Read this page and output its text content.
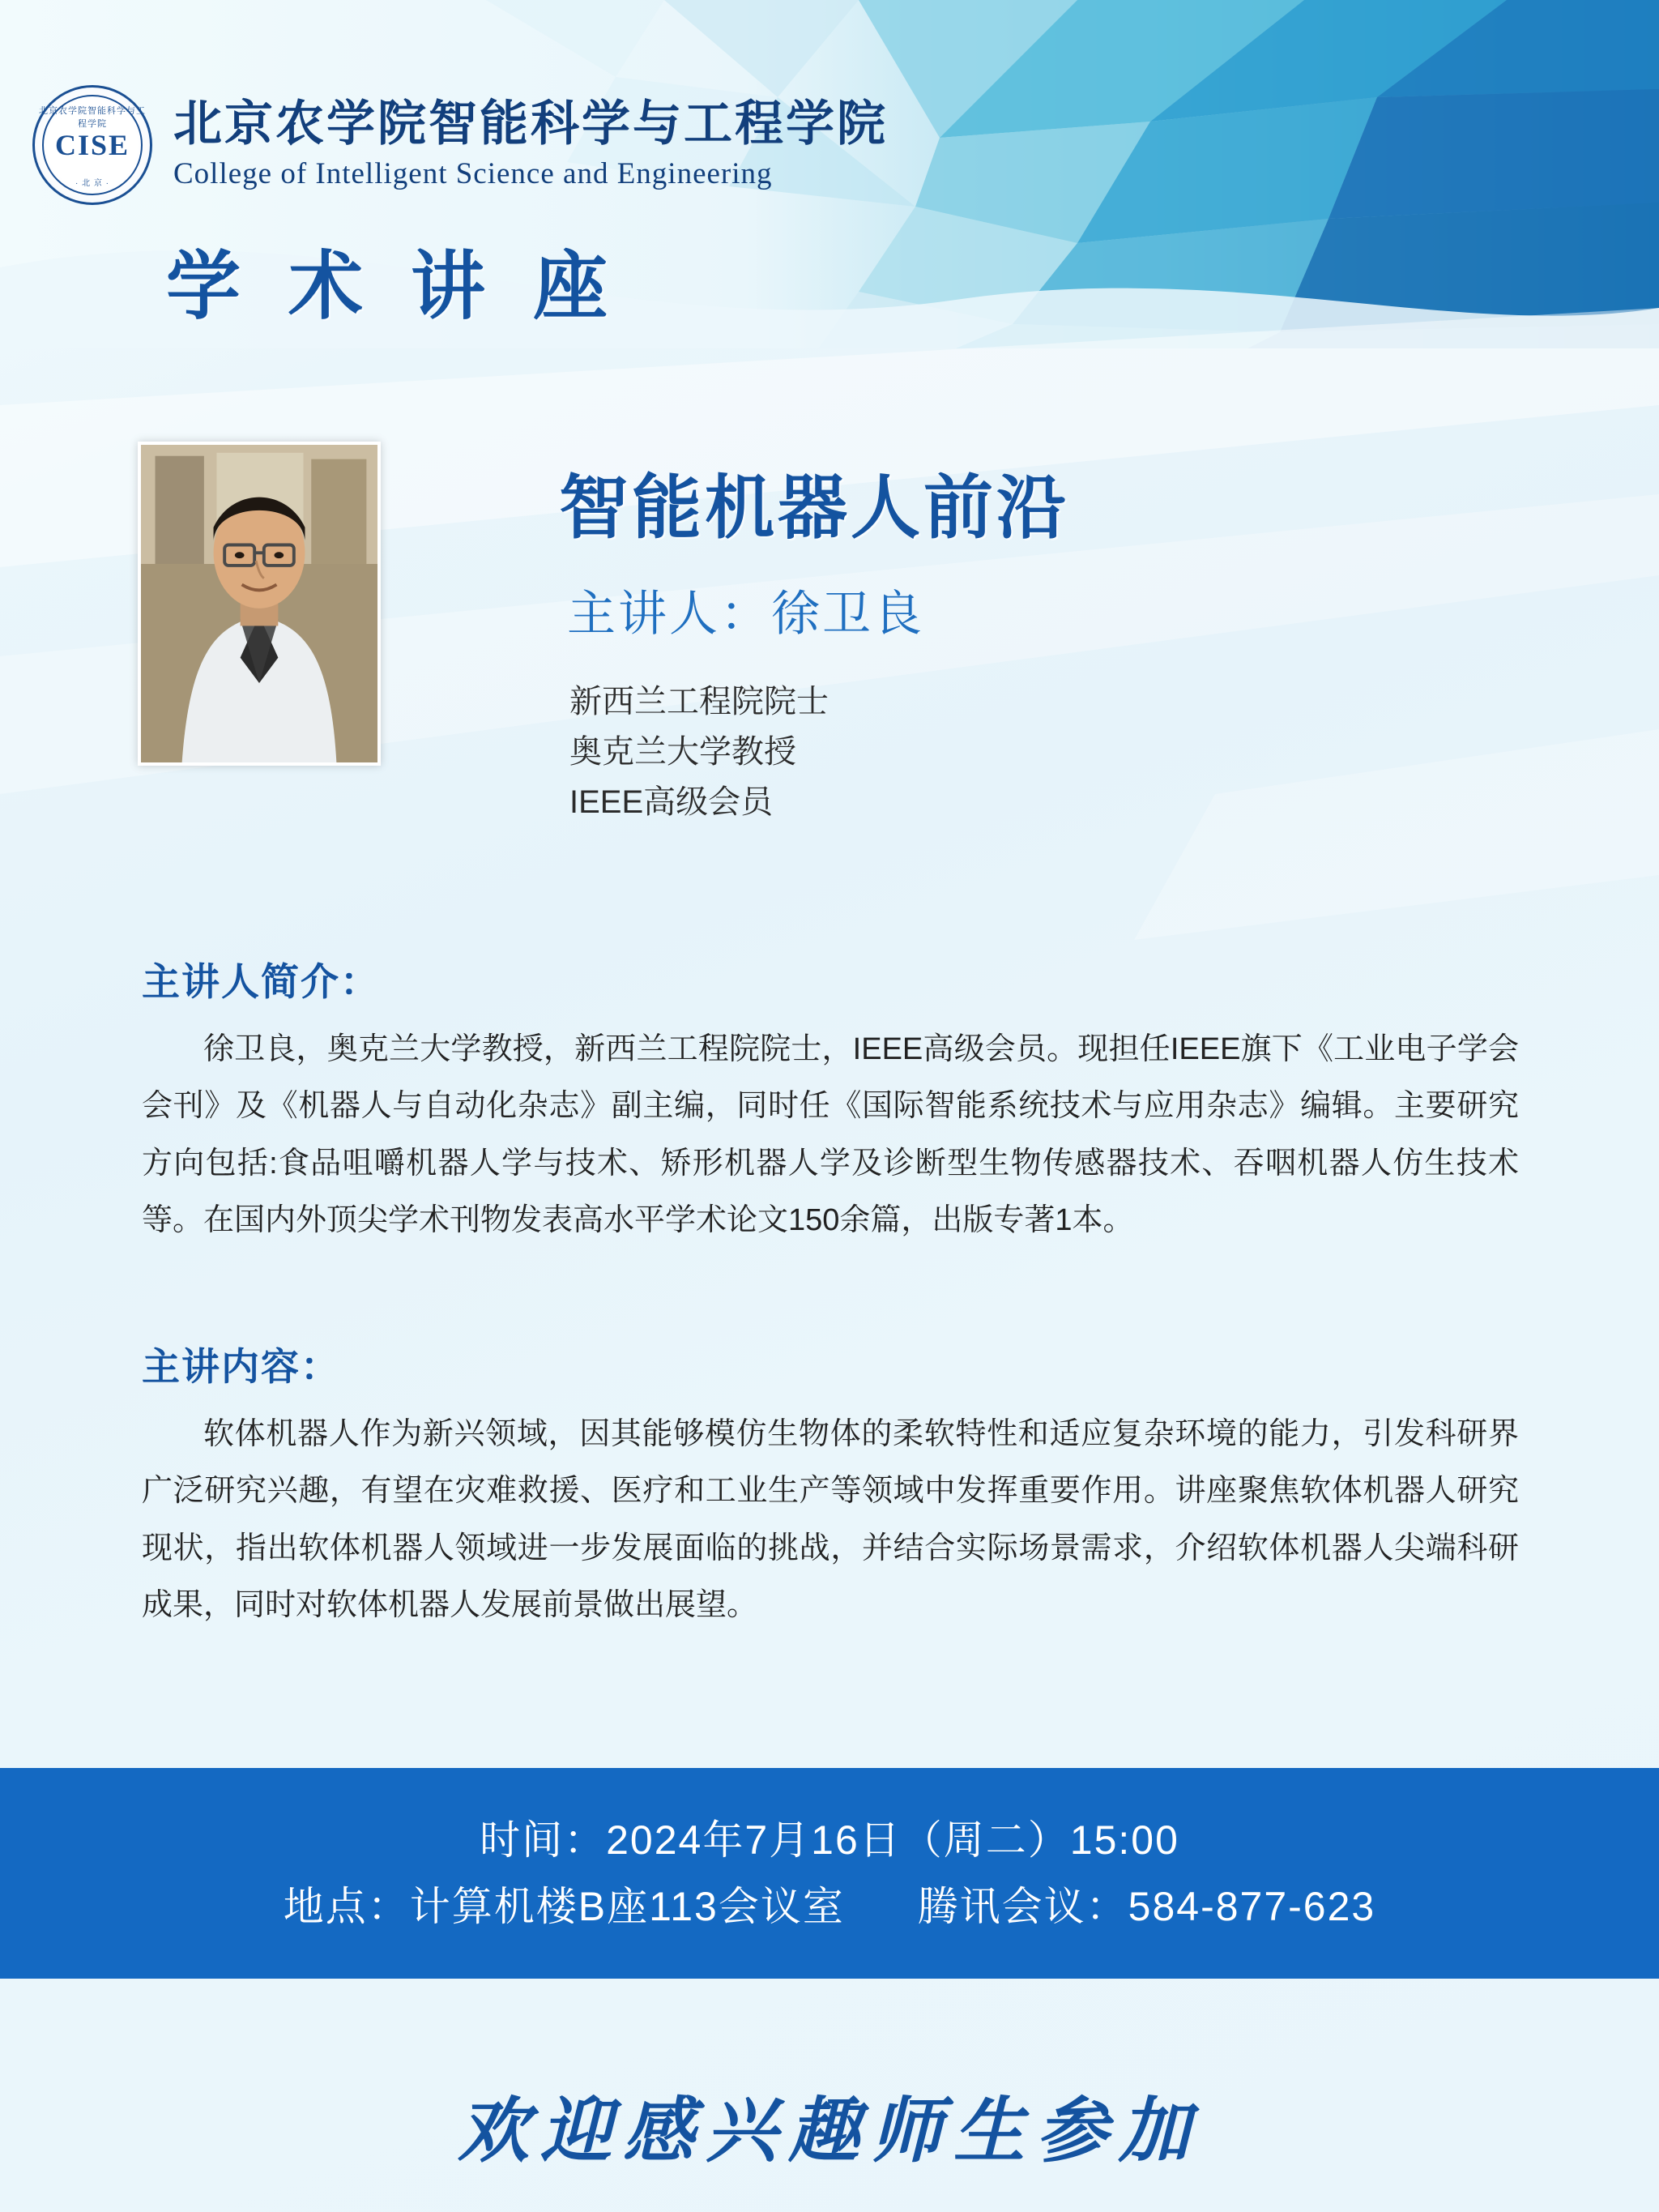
北京农学院智能科学与工程学院
CISE
· 北 京 ·
北京农学院智能科学与工程学院
College of Intelligent Science and Engineering
学 术 讲 座
智能机器人前沿
主讲人：徐卫良
新西兰工程院院士
奥克兰大学教授
IEEE高级会员
主讲人简介：
徐卫良，奥克兰大学教授，新西兰工程院院士，IEEE高级会员。现担任IEEE旗下《工业电子学会会刊》及《机器人与自动化杂志》副主编，同时任《国际智能系统技术与应用杂志》编辑。主要研究方向包括:食品咀嚼机器人学与技术、矫形机器人学及诊断型生物传感器技术、吞咽机器人仿生技术等。在国内外顶尖学术刊物发表高水平学术论文150余篇，出版专著1本。
主讲内容：
软体机器人作为新兴领域，因其能够模仿生物体的柔软特性和适应复杂环境的能力，引发科研界广泛研究兴趣，有望在灾难救援、医疗和工业生产等领域中发挥重要作用。讲座聚焦软体机器人研究现状，指出软体机器人领域进一步发展面临的挑战，并结合实际场景需求，介绍软体机器人尖端科研成果，同时对软体机器人发展前景做出展望。
时间：2024年7月16日（周二）15:00
地点：计算机楼B座113会议室 腾讯会议：584-877-623
欢迎感兴趣师生参加
